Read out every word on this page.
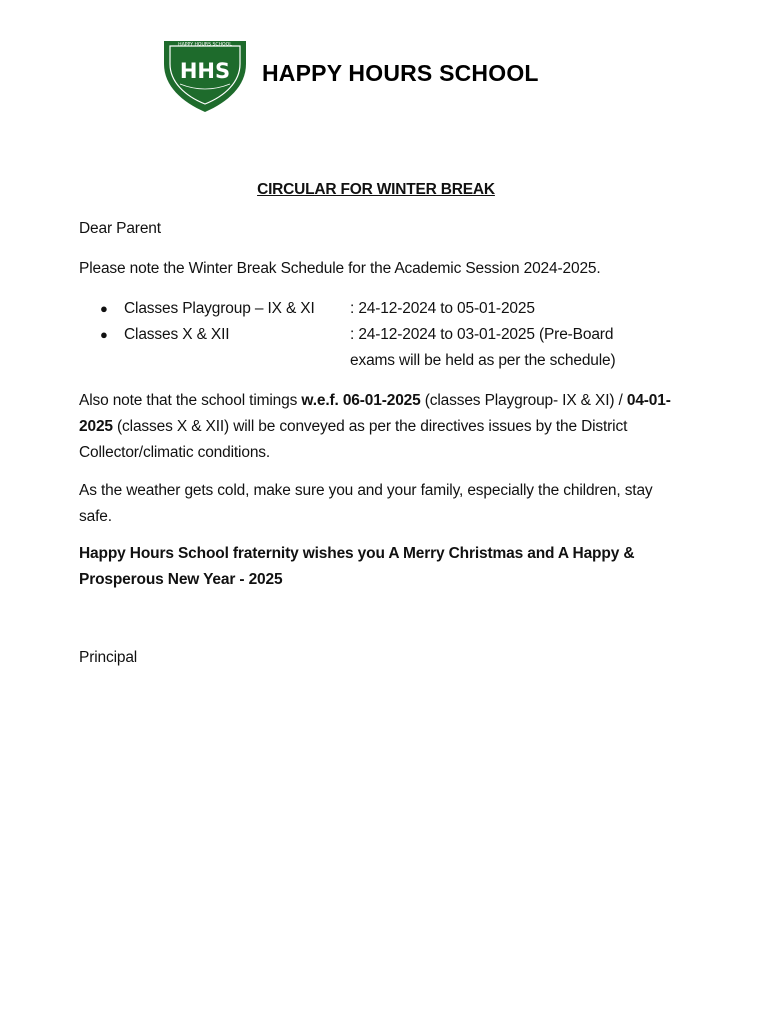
HAPPY HOURS SCHOOL
HHS HAPPY HOURS SCHOOL
CIRCULAR FOR WINTER BREAK

Dear Parent

Please note the Winter Break Schedule for the Academic Session 2024-2025.

●	Classes Playgroup – IX & XI	: 24-12-2024 to 05-01-2025
●	Classes X & XII	: 24-12-2024 to 03-01-2025 (Pre-Board exams will be held as per the schedule)

Also note that the school timings w.e.f. 06-01-2025 (classes Playgroup- IX & XI) / 04-01-2025 (classes X & XII) will be conveyed as per the directives issues by the District Collector/climatic conditions.

As the weather gets cold, make sure you and your family, especially the children, stay safe.

Happy Hours School fraternity wishes you A Merry Christmas and A Happy & Prosperous New Year - 2025

Principal
